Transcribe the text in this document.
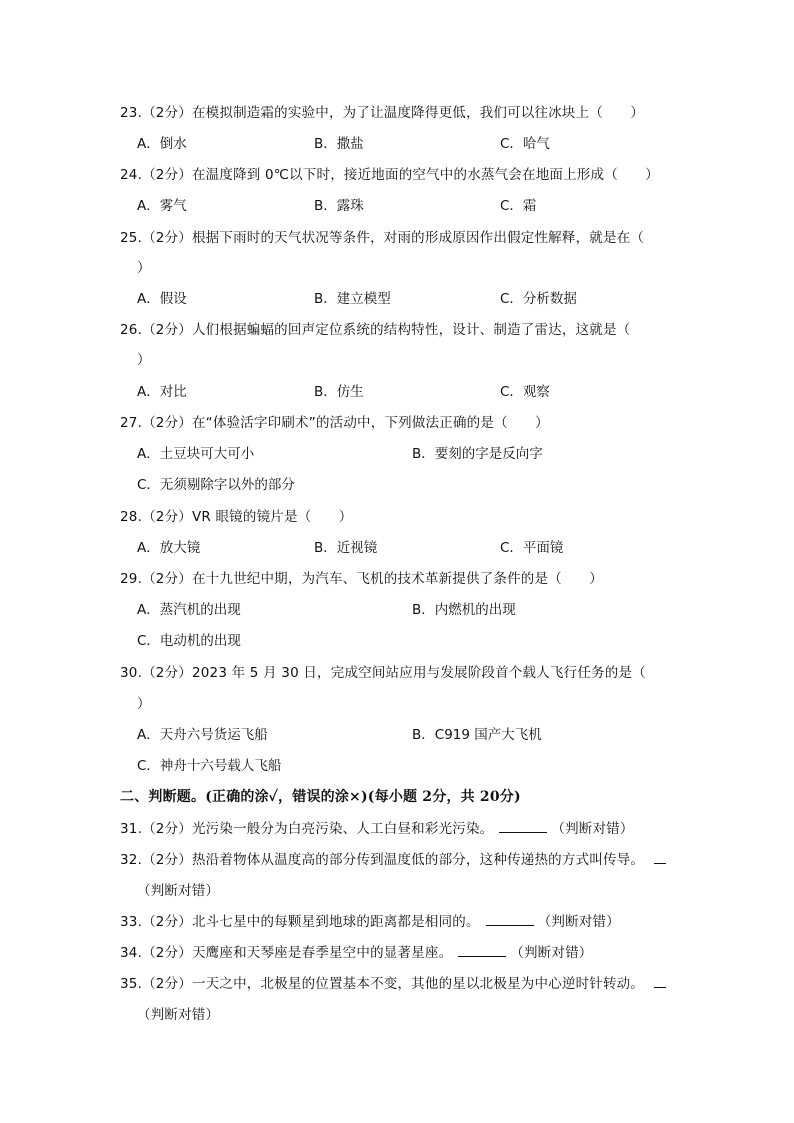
23.（2分）在模拟制造霜的实验中，为了让温度降得更低，我们可以往冰块上（　　）
A．倒水	B．撒盐	C．哈气
24.（2分）在温度降到 0℃以下时，接近地面的空气中的水蒸气会在地面上形成（　　）
A．雾气	B．露珠	C．霜
25.（2分）根据下雨时的天气状况等条件，对雨的形成原因作出假定性解释，就是在（
）
A．假设	B．建立模型	C．分析数据
26.（2分）人们根据蝙蝠的回声定位系统的结构特性，设计、制造了雷达，这就是（
）
A．对比	B．仿生	C．观察
27.（2分）在“体验活字印刷术”的活动中，下列做法正确的是（　　）
A．土豆块可大可小	B．要刻的字是反向字
C．无须剔除字以外的部分
28.（2分）VR 眼镜的镜片是（　　）
A．放大镜	B．近视镜	C．平面镜
29.（2分）在十九世纪中期，为汽车、飞机的技术革新提供了条件的是（　　）
A．蒸汽机的出现	B．内燃机的出现
C．电动机的出现
30.（2分）2023 年 5 月 30 日，完成空间站应用与发展阶段首个载人飞行任务的是（
）
A．天舟六号货运飞船	B．C919 国产大飞机
C．神舟十六号载人飞船
二、判断题。(正确的涂✓，错误的涂×)(每小题 2分，共 20分)
31.（2分）光污染一般分为白亮污染、人工白昼和彩光污染。	（判断对错）
32.（2分）热沿着物体从温度高的部分传到温度低的部分，这种传递热的方式叫传导。
（判断对错）
33.（2分）北斗七星中的每颗星到地球的距离都是相同的。	（判断对错）
34.（2分）天鹰座和天琴座是春季星空中的显著星座。	（判断对错）
35.（2分）一天之中，北极星的位置基本不变，其他的星以北极星为中心逆时针转动。
（判断对错）
